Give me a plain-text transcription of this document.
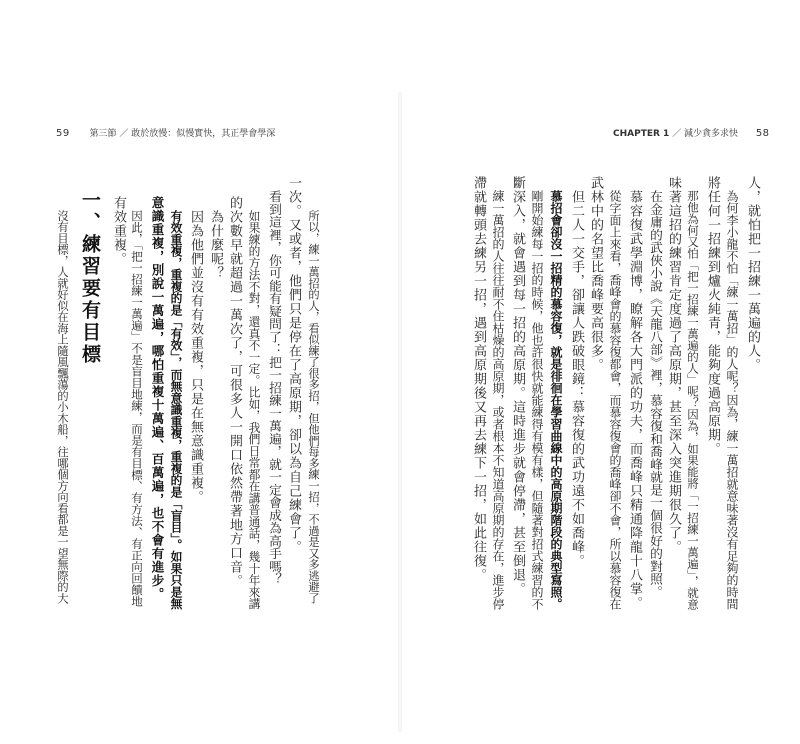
59 第三節 ／ 敢於放慢：似慢實快，其正學會學深	CHAPTER 1 ／ 減少貪多求快 58
所以，練一萬招的人，看似練了很多招，但他們每多練一招，不過是又多逃避了
一次。又或者，他們只是停在了高原期，卻以為自己練會了。
看到這裡，你可能有疑問了：把一招練一萬遍，就一定會成為高手嗎？
如果練的方法不對，還真不一定。比如，我們日常都在講普通話，幾十年來講
的次數早就超過一萬次了，可很多人一開口依然帶著地方口音。
為什麼呢？
因為他們並沒有有效重複，只是在無意識重複。
有效重複，重複的是「有效」，而無意識重複，重複的是「盲目」。如果只是無
意識重複，別說一萬遍，哪怕重複十萬遍、百萬遍，也不會有進步。
因此，「把一招練一萬遍」不是盲目地練，而是有目標、有方法、有正向回饋地
有效重複。
一、練習要有目標
沒有目標，人就好似在海上隨風飄蕩的小木船，往哪個方向看都是一望無際的大	人，就怕把一招練一萬遍的人。
為何李小龍不怕「練一萬招」的人呢？因為，練一萬招就意味著沒有足夠的時間
將任何一招練到爐火純青，能夠度過高原期。
那他為何又怕「把一招練一萬遍的人」呢？因為，如果能將「一招練一萬遍」，就意
味著這招的練習肯定度過了高原期，甚至深入突進期很久了。
在金庸的武俠小說《天龍八部》裡，慕容復和喬峰就是一個很好的對照。
慕容復武學淵博，瞭解各大門派的功夫，而喬峰只精通降龍十八掌。
從字面上來看，喬峰會的慕容復都會，而慕容復會的喬峰卻不會，所以慕容復在
武林中的名望比喬峰要高很多。
但二人一交手，卻讓人跌破眼鏡：慕容復的武功遠不如喬峰。
慕招會卻沒一招精的慕容復，就是徘徊在學習曲線中的高原期階段的典型寫照。
剛開始練每一招的時候，他也許很快就能練得有模有樣，但隨著對招式練習的不
斷深入，就會遇到每一招的高原期。這時進步就會停滯，甚至倒退。
練一萬招的人往往耐不住枯燥的高原期，或者根本不知道高原期的存在，進步停
滯就轉頭去練另一招，遇到高原期後又再去練下一招，如此往復。
